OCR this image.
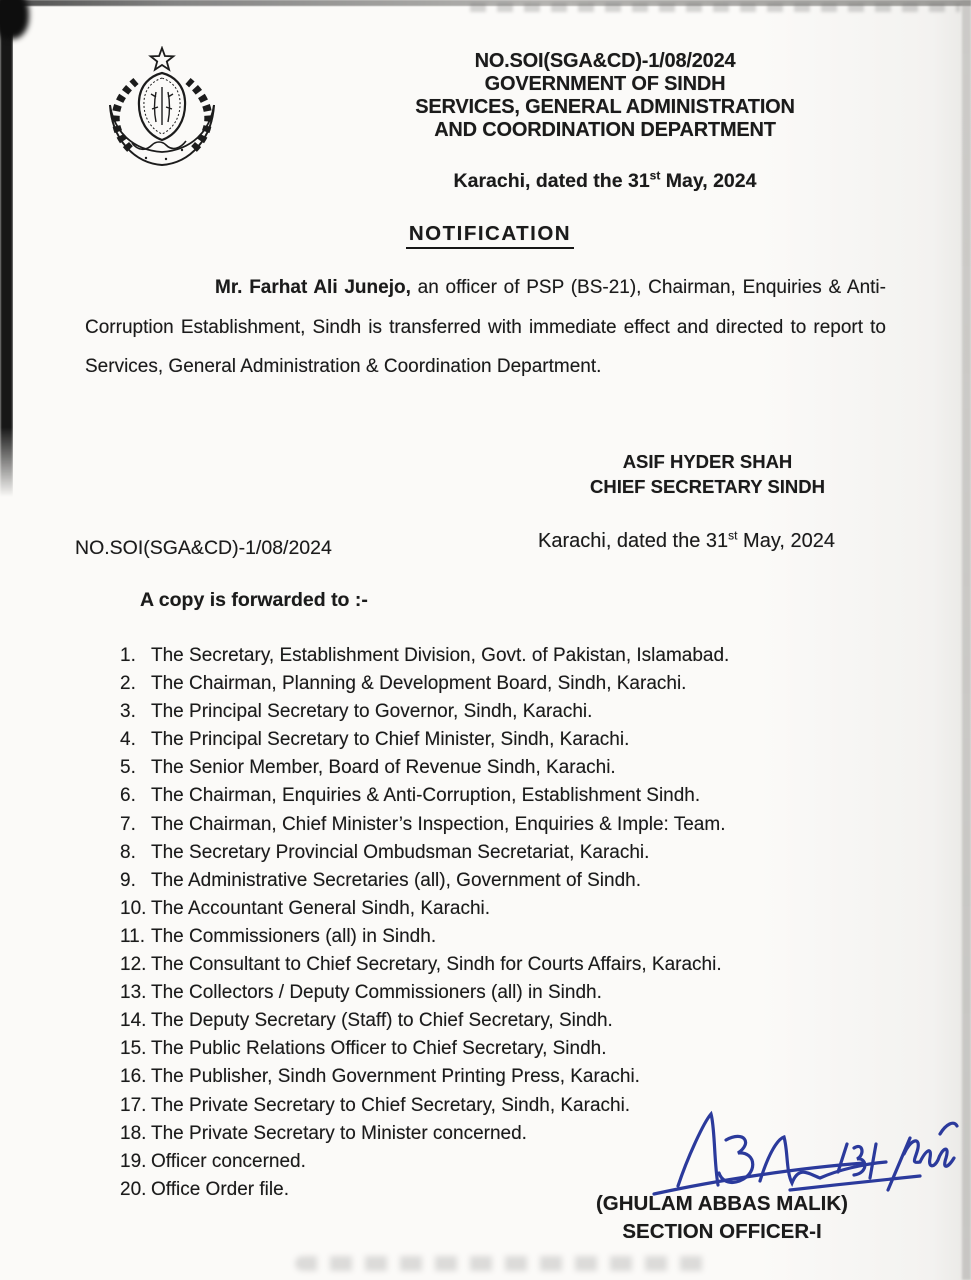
NO.SOI(SGA&CD)-1/08/2024
GOVERNMENT OF SINDH
SERVICES, GENERAL ADMINISTRATION
AND COORDINATION DEPARTMENT
Karachi, dated the 31st May, 2024
NOTIFICATION

Mr. Farhat Ali Junejo, an officer of PSP (BS-21), Chairman, Enquiries & Anti-Corruption Establishment, Sindh is transferred with immediate effect and directed to report to Services, General Administration & Coordination Department.

ASIF HYDER SHAH
CHIEF SECRETARY SINDH
NO.SOI(SGA&CD)-1/08/2024	Karachi, dated the 31st May, 2024
A copy is forwarded to :-
1. The Secretary, Establishment Division, Govt. of Pakistan, Islamabad.
2. The Chairman, Planning & Development Board, Sindh, Karachi.
3. The Principal Secretary to Governor, Sindh, Karachi.
4. The Principal Secretary to Chief Minister, Sindh, Karachi.
5. The Senior Member, Board of Revenue Sindh, Karachi.
6. The Chairman, Enquiries & Anti-Corruption, Establishment Sindh.
7. The Chairman, Chief Minister’s Inspection, Enquiries & Imple: Team.
8. The Secretary Provincial Ombudsman Secretariat, Karachi.
9. The Administrative Secretaries (all), Government of Sindh.
10. The Accountant General Sindh, Karachi.
11. The Commissioners (all) in Sindh.
12. The Consultant to Chief Secretary, Sindh for Courts Affairs, Karachi.
13. The Collectors / Deputy Commissioners (all) in Sindh.
14. The Deputy Secretary (Staff) to Chief Secretary, Sindh.
15. The Public Relations Officer to Chief Secretary, Sindh.
16. The Publisher, Sindh Government Printing Press, Karachi.
17. The Private Secretary to Chief Secretary, Sindh, Karachi.
18. The Private Secretary to Minister concerned.
19. Officer concerned.
20. Office Order file.
(GHULAM ABBAS MALIK)
SECTION OFFICER-I
